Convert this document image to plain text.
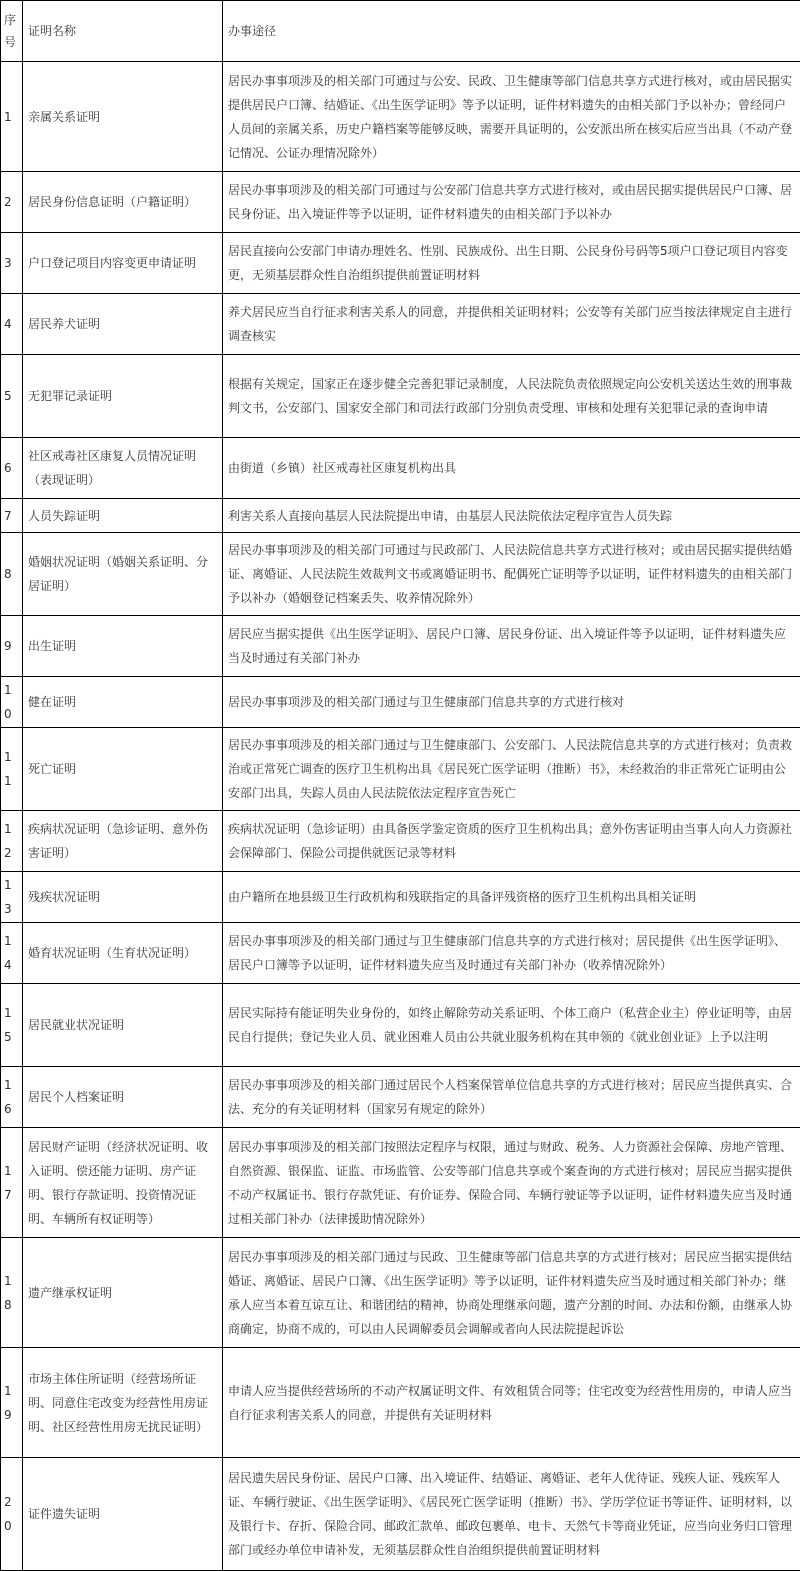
序号	证明名称	办事途径
1	亲属关系证明	居民办事事项涉及的相关部门可通过与公安、民政、卫生健康等部门信息共享方式进行核对，或由居民据实提供居民户口簿、结婚证、《出生医学证明》等予以证明，证件材料遗失的由相关部门予以补办；曾经同户人员间的亲属关系，历史户籍档案等能够反映，需要开具证明的，公安派出所在核实后应当出具（不动产登记情况、公证办理情况除外）
2	居民身份信息证明（户籍证明）	居民办事事项涉及的相关部门可通过与公安部门信息共享方式进行核对，或由居民据实提供居民户口簿、居民身份证、出入境证件等予以证明，证件材料遗失的由相关部门予以补办
3	户口登记项目内容变更申请证明	居民直接向公安部门申请办理姓名、性别、民族成份、出生日期、公民身份号码等5项户口登记项目内容变更，无须基层群众性自治组织提供前置证明材料
4	居民养犬证明	养犬居民应当自行征求利害关系人的同意，并提供相关证明材料；公安等有关部门应当按法律规定自主进行调查核实
5	无犯罪记录证明	根据有关规定，国家正在逐步健全完善犯罪记录制度，人民法院负责依照规定向公安机关送达生效的刑事裁判文书，公安部门、国家安全部门和司法行政部门分别负责受理、审核和处理有关犯罪记录的查询申请
6	社区戒毒社区康复人员情况证明（表现证明）	由街道（乡镇）社区戒毒社区康复机构出具
7	人员失踪证明	利害关系人直接向基层人民法院提出申请，由基层人民法院依法定程序宣告人员失踪
8	婚姻状况证明（婚姻关系证明、分居证明）	居民办事事项涉及的相关部门可通过与民政部门、人民法院信息共享方式进行核对；或由居民据实提供结婚证、离婚证、人民法院生效裁判文书或离婚证明书、配偶死亡证明等予以证明，证件材料遗失的由相关部门予以补办（婚姻登记档案丢失、收养情况除外）
9	出生证明	居民应当据实提供《出生医学证明》、居民户口簿、居民身份证、出入境证件等予以证明，证件材料遗失应当及时通过有关部门补办
10	健在证明	居民办事事项涉及的相关部门通过与卫生健康部门信息共享的方式进行核对
11	死亡证明	居民办事事项涉及的相关部门通过与卫生健康部门、公安部门、人民法院信息共享的方式进行核对；负责救治或正常死亡调查的医疗卫生机构出具《居民死亡医学证明（推断）书》，未经救治的非正常死亡证明由公安部门出具，失踪人员由人民法院依法定程序宣告死亡
12	疾病状况证明（急诊证明、意外伤害证明）	疾病状况证明（急诊证明）由具备医学鉴定资质的医疗卫生机构出具；意外伤害证明由当事人向人力资源社会保障部门、保险公司提供就医记录等材料
13	残疾状况证明	由户籍所在地县级卫生行政机构和残联指定的具备评残资格的医疗卫生机构出具相关证明
14	婚育状况证明（生育状况证明）	居民办事事项涉及的相关部门通过与卫生健康部门信息共享的方式进行核对；居民提供《出生医学证明》、居民户口簿等予以证明，证件材料遗失应当及时通过有关部门补办（收养情况除外）
15	居民就业状况证明	居民实际持有能证明失业身份的，如终止解除劳动关系证明、个体工商户（私营企业主）停业证明等，由居民自行提供；登记失业人员、就业困难人员由公共就业服务机构在其申领的《就业创业证》上予以注明
16	居民个人档案证明	居民办事事项涉及的相关部门通过居民个人档案保管单位信息共享的方式进行核对；居民应当提供真实、合法、充分的有关证明材料（国家另有规定的除外）
17	居民财产证明（经济状况证明、收入证明、偿还能力证明、房产证明、银行存款证明、投资情况证明、车辆所有权证明等）	居民办事事项涉及的相关部门按照法定程序与权限，通过与财政、税务、人力资源社会保障、房地产管理、自然资源、银保监、证监、市场监管、公安等部门信息共享或个案查询的方式进行核对；居民应当据实提供不动产权属证书、银行存款凭证、有价证券、保险合同、车辆行驶证等予以证明，证件材料遗失应当及时通过相关部门补办（法律援助情况除外）
18	遗产继承权证明	居民办事事项涉及的相关部门通过与民政、卫生健康等部门信息共享的方式进行核对；居民应当据实提供结婚证、离婚证、居民户口簿、《出生医学证明》等予以证明，证件材料遗失应当及时通过相关部门补办；继承人应当本着互谅互让、和谐团结的精神，协商处理继承问题，遗产分割的时间、办法和份额，由继承人协商确定，协商不成的，可以由人民调解委员会调解或者向人民法院提起诉讼
19	市场主体住所证明（经营场所证明、同意住宅改变为经营性用房证明、社区经营性用房无扰民证明）	申请人应当提供经营场所的不动产权属证明文件、有效租赁合同等；住宅改变为经营性用房的，申请人应当自行征求利害关系人的同意，并提供有关证明材料
20	证件遗失证明	居民遗失居民身份证、居民户口簿、出入境证件、结婚证、离婚证、老年人优待证、残疾人证、残疾军人证、车辆行驶证、《出生医学证明》、《居民死亡医学证明（推断）书》、学历学位证书等证件、证明材料，以及银行卡、存折、保险合同、邮政汇款单、邮政包裹单、电卡、天然气卡等商业凭证，应当向业务归口管理部门或经办单位申请补发，无须基层群众性自治组织提供前置证明材料
